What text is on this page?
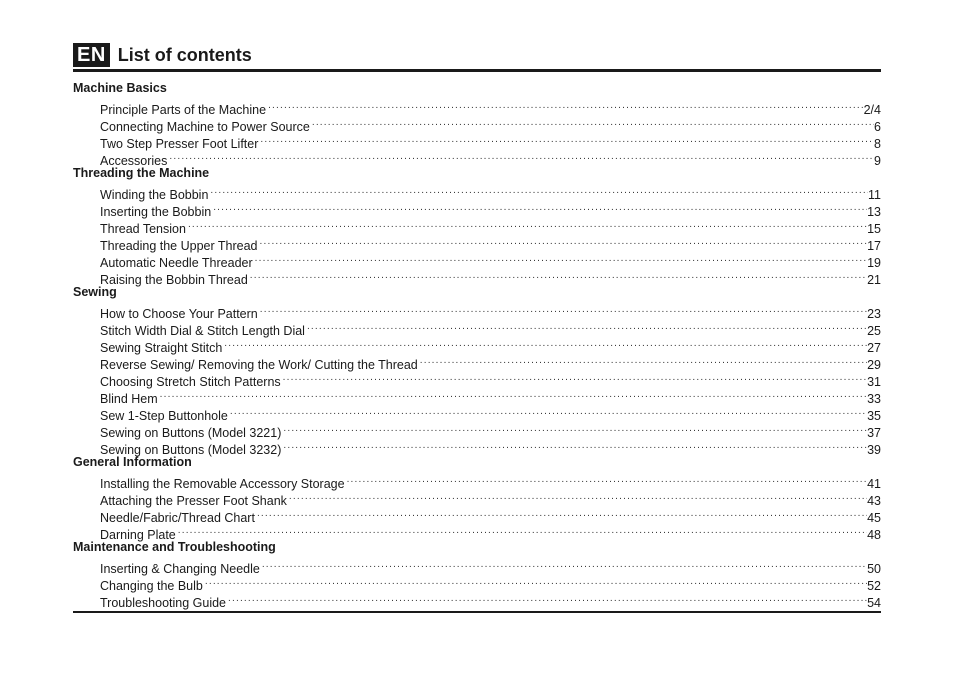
EN List of contents
Machine Basics
Principle Parts of the Machine .....	2/4
Connecting Machine to Power Source .....	6
Two Step Presser Foot Lifter .....	8
Accessories .....	9
Threading the Machine
Winding the Bobbin .....	11
Inserting the Bobbin .....	13
Thread Tension .....	15
Threading the Upper Thread .....	17
Automatic Needle Threader .....	19
Raising the Bobbin Thread .....	21
Sewing
How to Choose Your Pattern .....	23
Stitch Width Dial & Stitch Length Dial .....	25
Sewing Straight Stitch .....	27
Reverse Sewing/ Removing the Work/ Cutting the Thread .....	29
Choosing Stretch Stitch Patterns .....	31
Blind Hem .....	33
Sew 1-Step Buttonhole .....	35
Sewing on Buttons (Model 3221) .....	37
Sewing on Buttons (Model 3232) .....	39
General Information
Installing the Removable Accessory Storage .....	41
Attaching the Presser Foot Shank .....	43
Needle/Fabric/Thread Chart .....	45
Darning Plate .....	48
Maintenance and Troubleshooting
Inserting & Changing Needle .....	50
Changing the Bulb .....	52
Troubleshooting Guide .....	54
